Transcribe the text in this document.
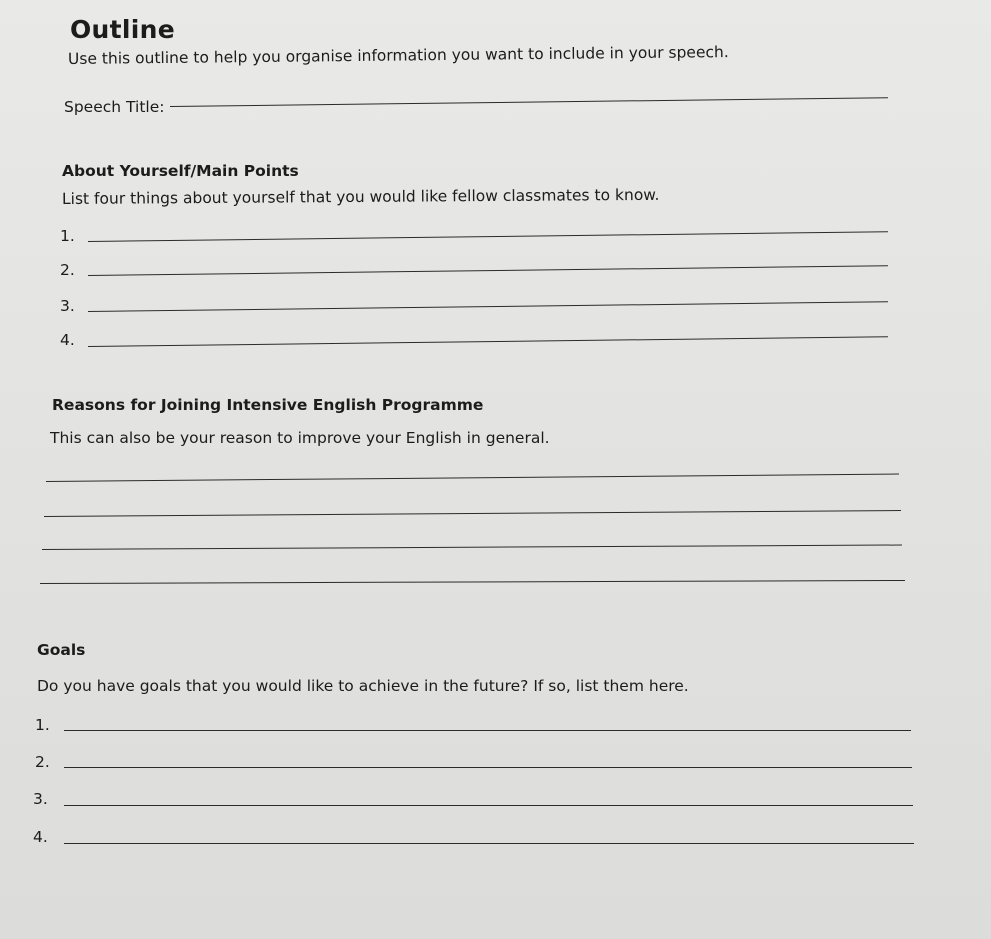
Outline
Use this outline to help you organise information you want to include in your speech.
Speech Title:
About Yourself/Main Points
List four things about yourself that you would like fellow classmates to know.
1.
2.
3.
4.
Reasons for Joining Intensive English Programme
This can also be your reason to improve your English in general.
Goals
Do you have goals that you would like to achieve in the future? If so, list them here.
1.
2.
3.
4.
